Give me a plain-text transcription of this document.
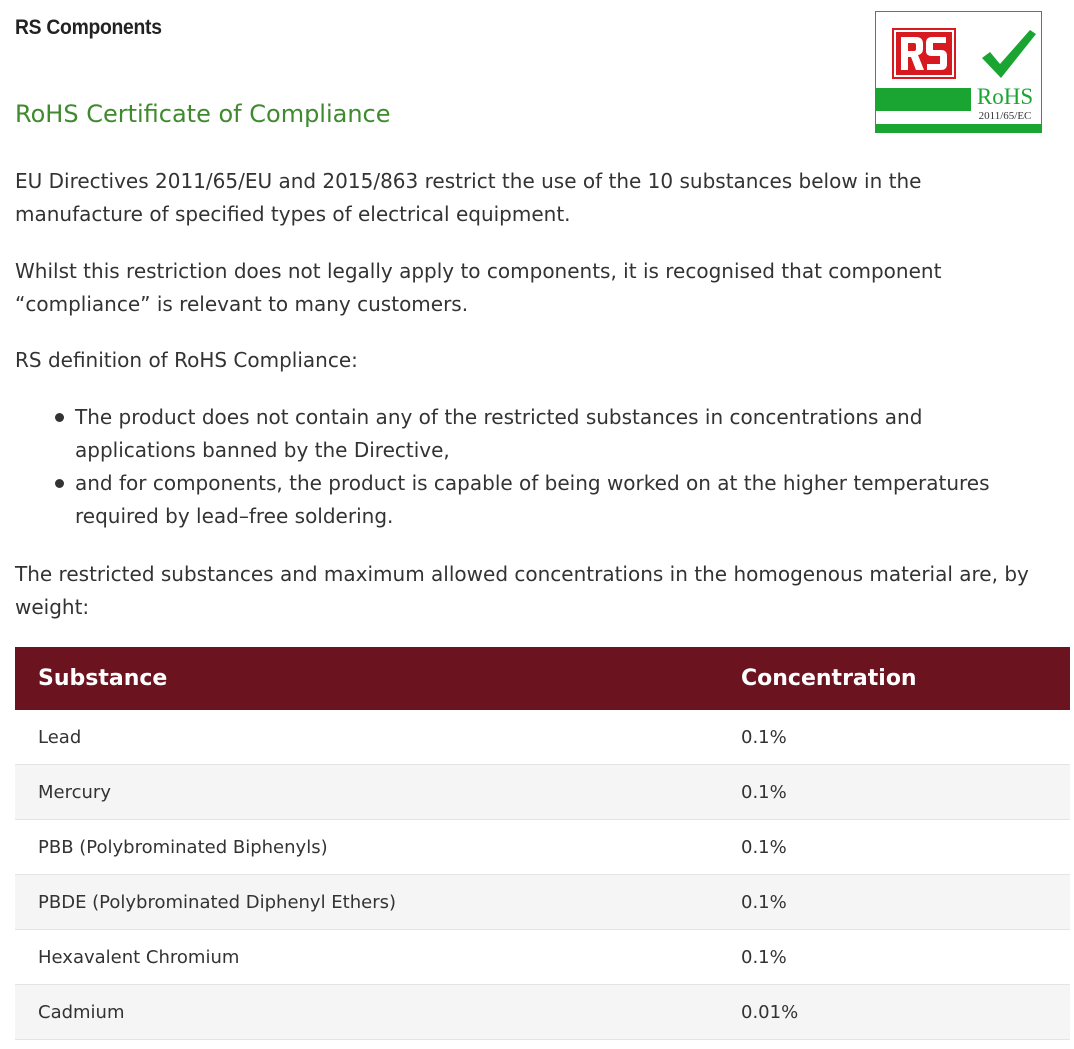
RS Components
RoHS Certificate of Compliance
RoHS
2011/65/EC

EU Directives 2011/65/EU and 2015/863 restrict the use of the 10 substances below in the manufacture of specified types of electrical equipment.

Whilst this restriction does not legally apply to components, it is recognised that component “compliance” is relevant to many customers.

RS definition of RoHS Compliance:

The product does not contain any of the restricted substances in concentrations and applications banned by the Directive,
and for components, the product is capable of being worked on at the higher temperatures required by lead–free soldering.

The restricted substances and maximum allowed concentrations in the homogenous material are, by weight:

Substance	Concentration
Lead	0.1%
Mercury	0.1%
PBB (Polybrominated Biphenyls)	0.1%
PBDE (Polybrominated Diphenyl Ethers)	0.1%
Hexavalent Chromium	0.1%
Cadmium	0.01%
